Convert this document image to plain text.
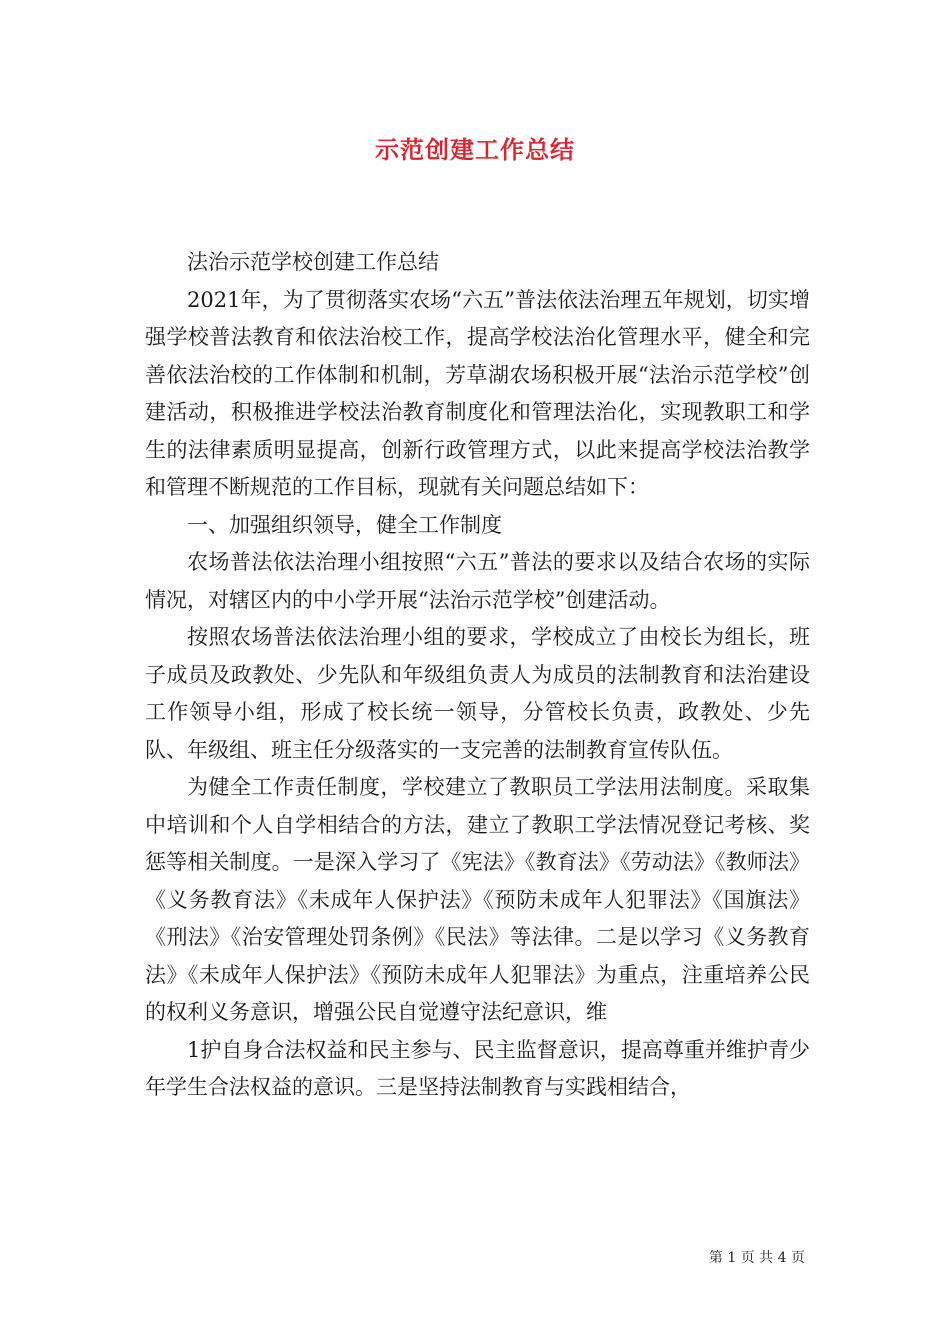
示范创建工作总结

法治示范学校创建工作总结

2021年，为了贯彻落实农场“六五”普法依法治理五年规划，切实增强学校普法教育和依法治校工作，提高学校法治化管理水平，健全和完善依法治校的工作体制和机制，芳草湖农场积极开展“法治示范学校”创建活动，积极推进学校法治教育制度化和管理法治化，实现教职工和学生的法律素质明显提高，创新行政管理方式，以此来提高学校法治教学和管理不断规范的工作目标，现就有关问题总结如下：

一、加强组织领导，健全工作制度

农场普法依法治理小组按照“六五”普法的要求以及结合农场的实际情况，对辖区内的中小学开展“法治示范学校”创建活动。

按照农场普法依法治理小组的要求，学校成立了由校长为组长，班子成员及政教处、少先队和年级组负责人为成员的法制教育和法治建设工作领导小组，形成了校长统一领导，分管校长负责，政教处、少先队、年级组、班主任分级落实的一支完善的法制教育宣传队伍。

为健全工作责任制度，学校建立了教职员工学法用法制度。采取集中培训和个人自学相结合的方法，建立了教职工学法情况登记考核、奖惩等相关制度。一是深入学习了《宪法》《教育法》《劳动法》《教师法》《义务教育法》《未成年人保护法》《预防未成年人犯罪法》《国旗法》《刑法》《治安管理处罚条例》《民法》等法律。二是以学习《义务教育法》《未成年人保护法》《预防未成年人犯罪法》为重点，注重培养公民的权利义务意识，增强公民自觉遵守法纪意识，维

1护自身合法权益和民主参与、民主监督意识，提高尊重并维护青少年学生合法权益的意识。三是坚持法制教育与实践相结合，

第 1 页 共 4 页
